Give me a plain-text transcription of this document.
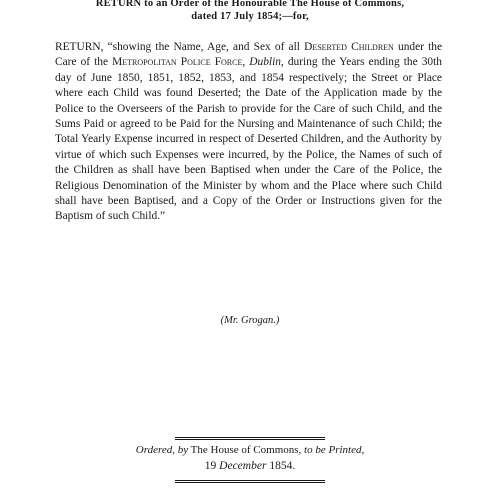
RETURN to an Order of the Honourable The House of Commons,
dated 17 July 1854;—for,
RETURN, “showing the Name, Age, and Sex of all Deserted Children under the Care of the Metropolitan Police Force, Dublin, during the Years ending the 30th day of June 1850, 1851, 1852, 1853, and 1854 respectively; the Street or Place where each Child was found Deserted; the Date of the Application made by the Police to the Overseers of the Parish to provide for the Care of such Child, and the Sums Paid or agreed to be Paid for the Nursing and Maintenance of such Child; the Total Yearly Expense incurred in respect of Deserted Children, and the Authority by virtue of which such Expenses were incurred, by the Police, the Names of such of the Children as shall have been Baptised when under the Care of the Police, the Religious Denomination of the Minister by whom and the Place where such Child shall have been Baptised, and a Copy of the Order or Instructions given for the Baptism of such Child.”
(Mr. Grogan.)
Ordered, by The House of Commons, to be Printed,
19 December 1854.
